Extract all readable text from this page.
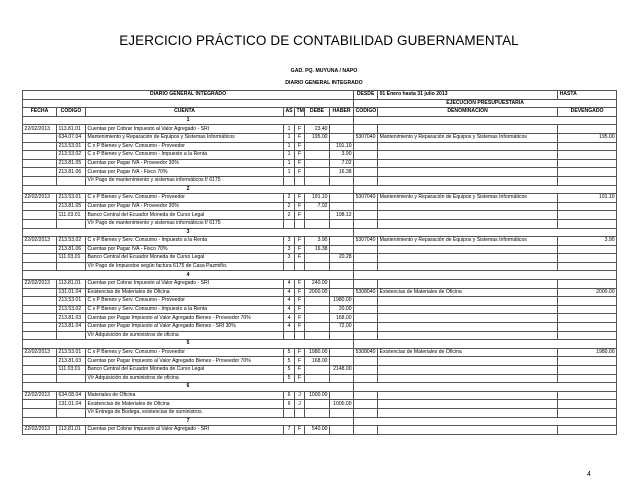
EJERCICIO PRÁCTICO DE CONTABILIDAD GUBERNAMENTAL
GAD. PQ. MUYUNA / NAPO
DIARIO GENERAL INTEGRADO
DIARIO GENERAL INTEGRADO							DESDE	01 Enero hasta 31 julio 2013	HASTA
							EJECUCION PRESUPUESTARIA		
FECHA	CODIGO	CUENTA	AS	TM	DEBE	HABER	CODIGO	DENOMINACION	DEVENGADO
1									
22/02/2013	113.81.01	Cuentas por Cobrar Impuesto al Valor Agregado - SRI	1	F	23.40				
	634.07.04	Mantenimiento y Reparación de Equipos y Sistemas Informáticos	1	F	195.00		5307040	Mantenimiento y Reparación de Equipos y Sistemas Informáticos	195.00
	213.53.01	C x P Bienes y Serv. Consumo - Proveedor	1	F		191.10			
	213.53.02	C x P Bienes y Serv. Consumo - Impuesto a la Renta	1	F		3.90			
	213.81.05	Cuentas por Pagar IVA - Proveedor 30%	1	F		7.02			
	213.81.06	Cuentas por Pagar IVA - Fisco 70%	1	F		16.38			
		V/r Pago de mantenimiento y sistemas informáticos f/ 6175							
2									
22/02/2013	213.53.01	C x P Bienes y Serv. Consumo - Proveedor	2	F	191.10		5307040	Mantenimiento y Reparación de Equipos y Sistemas Informáticos	191.10
	213.81.05	Cuentas por Pagar IVA - Proveedor 30%	2	F	7.02				
	111.03.01	Banco Central del Ecuador Moneda de Curso Legal	2	F		198.12			
		V/r Pago de mantenimiento y sistemas informáticos f/ 6175							
3									
22/02/2013	213.53.02	C x P Bienes y Serv. Consumo - Impuesto a la Renta	3	F	3.90		5307040	Mantenimiento y Reparación de Equipos y Sistemas Informáticos	3.90
	213.81.06	Cuentas por Pagar IVA - Fisco 70%	3	F	16.38				
	111.03.01	Banco Central del Ecuador Moneda de Curso Legal	3	F		20.28			
		V/r Pago de Impuestos según factura 6175 de Casa Pazmiño.							
4									
22/02/2013	113.81.01	Cuentas por Cobrar Impuesto al Valor Agregado - SRI	4	F	240.00				
	131.01.04	Existencias de Materiales de Oficina	4	F	2000.00		5308040	Existencias de Materiales de Oficina	2000.00
	213.53.01	C x P Bienes y Serv. Consumo - Proveedor	4	F		1980.00			
	213.53.02	C x P Bienes y Serv. Consumo - Impuesto a la Renta	4	F		20.00			
	213.81.03	Cuentas por Pagar Impuesto al Valor Agregado Bienes - Proveedor 70%	4	F		168.00			
	213.81.04	Cuentas por Pagar Impuesto al Valor Agregado Bienes - SRI 30%	4	F		72.00			
		V/r Adquisición de suministros de oficina							
5									
22/02/2013	213.53.01	C x P Bienes y Serv. Consumo - Proveedor	5	F	1980.00		5308040	Existencias de Materiales de Oficina	1980.00
	213.81.03	Cuentas por Pagar Impuesto al Valor Agregado Bienes - Proveedor 70%	5	F	168.00				
	111.03.01	Banco Central del Ecuador Moneda de Curso Legal	5	F		2148.00			
		V/r Adquisición de suministros de oficina	5	F					
6									
22/02/2013	634.08.04	Materiales de Oficina	6	J	1000.00				
	131.01.04	Existencias de Materiales de Oficina	6	J		1000.00			
		V/r Entrega de Bodega, existencias de suministros.							
7									
22/02/2013	113.81.01	Cuentas por Cobrar Impuesto al Valor Agregado - SRI	7	F	540.00				
4
